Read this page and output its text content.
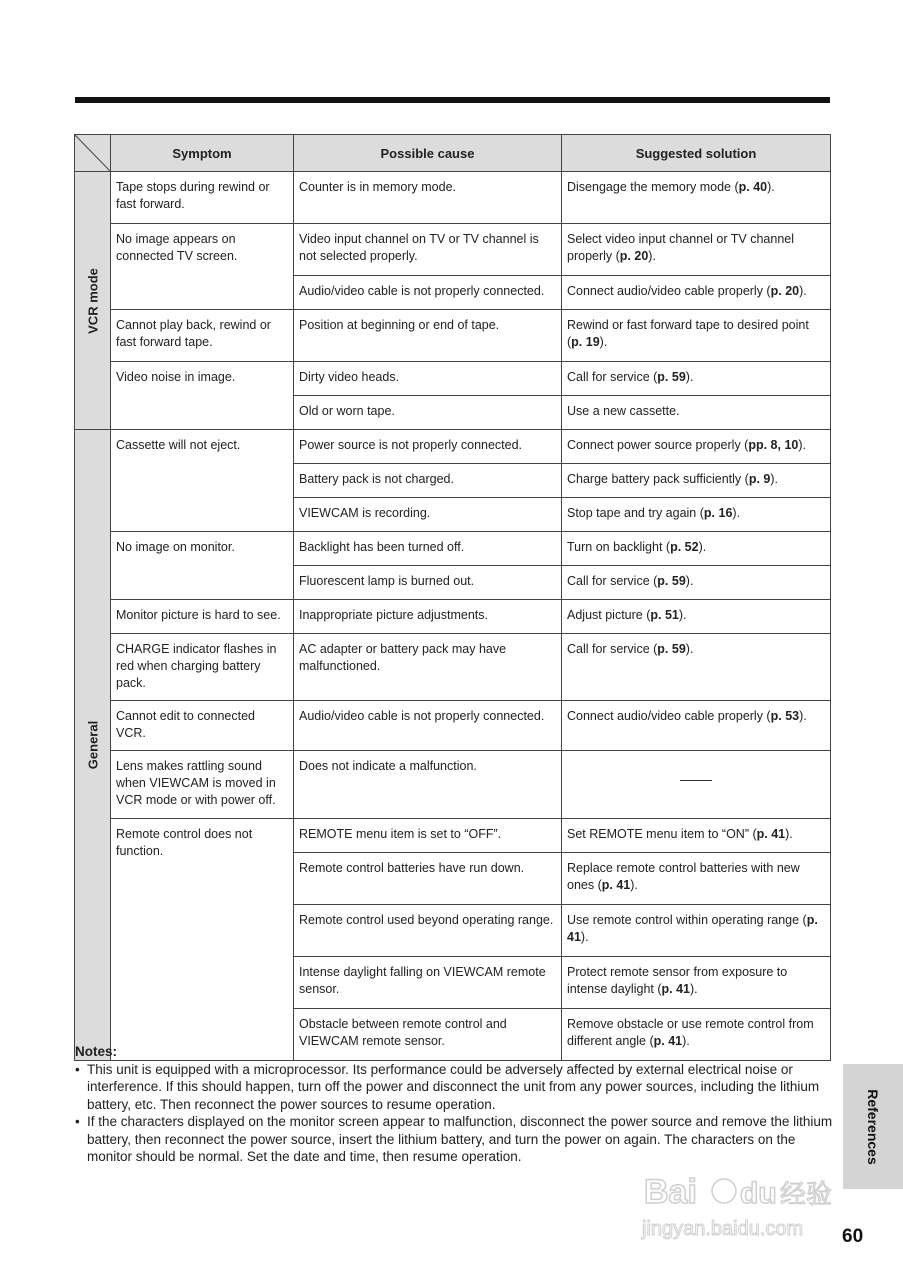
	Symptom	Possible cause	Suggested solution

VCR mode	Tape stops during rewind or fast forward.	Counter is in memory mode.	Disengage the memory mode (p. 40).
	No image appears on connected TV screen.	Video input channel on TV or TV channel is not selected properly.	Select video input channel or TV channel properly (p. 20).
		Audio/video cable is not properly connected.	Connect audio/video cable properly (p. 20).
	Cannot play back, rewind or fast forward tape.	Position at beginning or end of tape.	Rewind or fast forward tape to desired point (p. 19).
	Video noise in image.	Dirty video heads.	Call for service (p. 59).
		Old or worn tape.	Use a new cassette.

General	Cassette will not eject.	Power source is not properly connected.	Connect power source properly (pp. 8, 10).
		Battery pack is not charged.	Charge battery pack sufficiently (p. 9).
		VIEWCAM is recording.	Stop tape and try again (p. 16).
	No image on monitor.	Backlight has been turned off.	Turn on backlight (p. 52).
		Fluorescent lamp is burned out.	Call for service (p. 59).
	Monitor picture is hard to see.	Inappropriate picture adjustments.	Adjust picture (p. 51).
	CHARGE indicator flashes in red when charging battery pack.	AC adapter or battery pack may have malfunctioned.	Call for service (p. 59).
	Cannot edit to connected VCR.	Audio/video cable is not properly connected.	Connect audio/video cable properly (p. 53).
	Lens makes rattling sound when VIEWCAM is moved in VCR mode or with power off.	Does not indicate a malfunction.	

	Remote control does not function.	REMOTE menu item is set to “OFF”.	Set REMOTE menu item to “ON” (p. 41).
		Remote control batteries have run down.	Replace remote control batteries with new ones (p. 41).
		Remote control used beyond operating range.	Use remote control within operating range (p. 41).
		Intense daylight falling on VIEWCAM remote sensor.	Protect remote sensor from exposure to intense daylight (p. 41).
		Obstacle between remote control and VIEWCAM remote sensor.	Remove obstacle or use remote control from different angle (p. 41).
Notes:
• This unit is equipped with a microprocessor. Its performance could be adversely affected by external electrical noise or interference. If this should happen, turn off the power and disconnect the unit from any power sources, including the lithium battery, etc. Then reconnect the power sources to resume operation.
• If the characters displayed on the monitor screen appear to malfunction, disconnect the power source and remove the lithium battery, then reconnect the power source, insert the lithium battery, and turn the power on again. The characters on the monitor should be normal. Set the date and time, then resume operation.	References
Bai du 经验
jingyan.baidu.com 60
